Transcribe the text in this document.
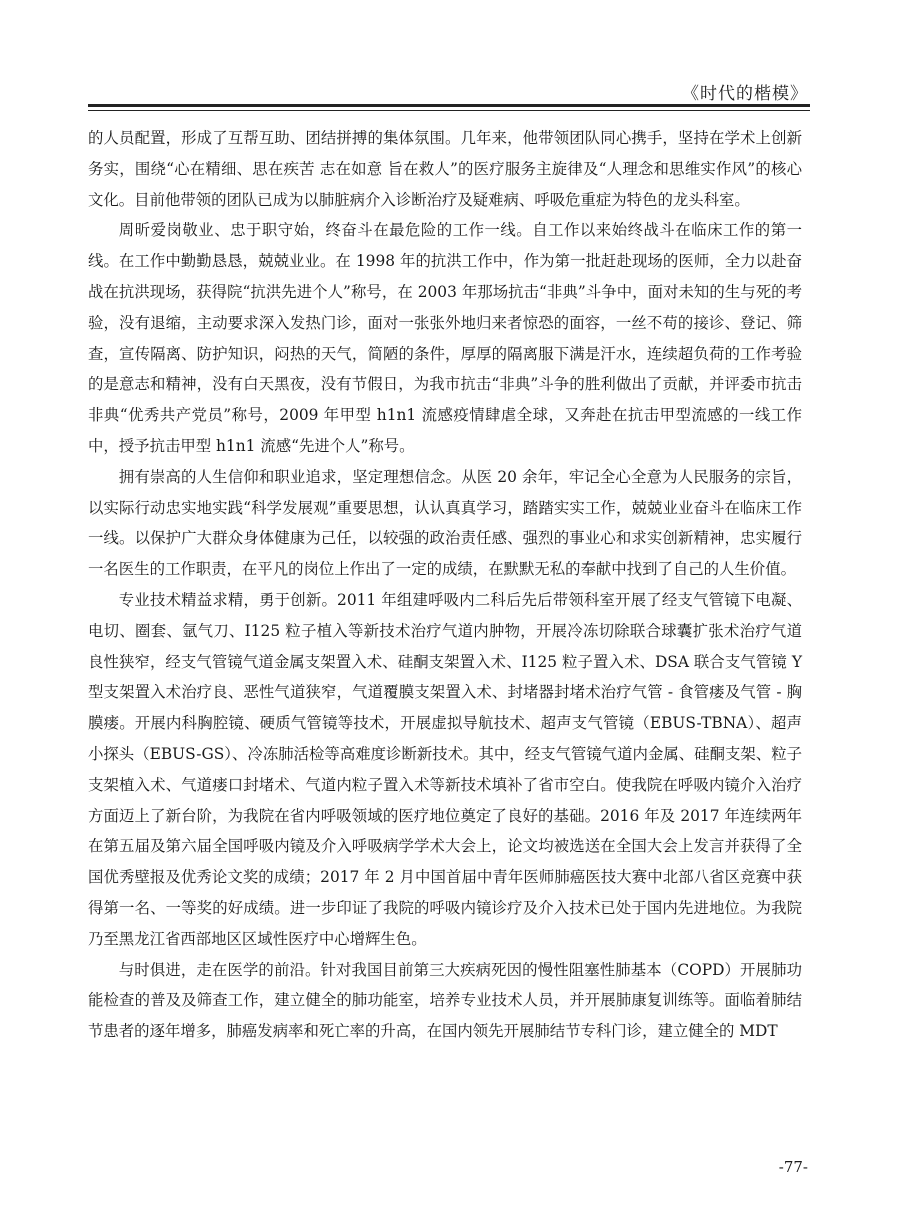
《时代的楷模》

的人员配置，形成了互帮互助、团结拼搏的集体氛围。几年来，他带领团队同心携手，坚持在学术上创新务实，围绕“心在精细、思在疾苦 志在如意 旨在救人”的医疗服务主旋律及“人理念和思维实作风”的核心文化。目前他带领的团队已成为以肺脏病介入诊断治疗及疑难病、呼吸危重症为特色的龙头科室。

周昕爱岗敬业、忠于职守始，终奋斗在最危险的工作一线。自工作以来始终战斗在临床工作的第一线。在工作中勤勤恳恳，兢兢业业。在 1998 年的抗洪工作中，作为第一批赶赴现场的医师，全力以赴奋战在抗洪现场，获得院“抗洪先进个人”称号，在 2003 年那场抗击“非典”斗争中，面对未知的生与死的考验，没有退缩，主动要求深入发热门诊，面对一张张外地归来者惊恐的面容，一丝不苟的接诊、登记、筛查，宣传隔离、防护知识，闷热的天气，简陋的条件，厚厚的隔离服下满是汗水，连续超负荷的工作考验的是意志和精神，没有白天黑夜，没有节假日，为我市抗击“非典”斗争的胜利做出了贡献，并评委市抗击非典“优秀共产党员”称号，2009 年甲型 h1n1 流感疫情肆虐全球，又奔赴在抗击甲型流感的一线工作中，授予抗击甲型 h1n1 流感“先进个人”称号。

拥有崇高的人生信仰和职业追求，坚定理想信念。从医 20 余年，牢记全心全意为人民服务的宗旨，以实际行动忠实地实践“科学发展观”重要思想，认认真真学习，踏踏实实工作，兢兢业业奋斗在临床工作一线。以保护广大群众身体健康为己任，以较强的政治责任感、强烈的事业心和求实创新精神，忠实履行一名医生的工作职责，在平凡的岗位上作出了一定的成绩，在默默无私的奉献中找到了自己的人生价值。

专业技术精益求精，勇于创新。2011 年组建呼吸内二科后先后带领科室开展了经支气管镜下电凝、电切、圈套、氩气刀、I125 粒子植入等新技术治疗气道内肿物，开展冷冻切除联合球囊扩张术治疗气道良性狭窄，经支气管镜气道金属支架置入术、硅酮支架置入术、I125 粒子置入术、DSA 联合支气管镜 Y 型支架置入术治疗良、恶性气道狭窄，气道覆膜支架置入术、封堵器封堵术治疗气管 - 食管瘘及气管 - 胸膜瘘。开展内科胸腔镜、硬质气管镜等技术，开展虚拟导航技术、超声支气管镜（EBUS-TBNA）、超声小探头（EBUS-GS）、冷冻肺活检等高难度诊断新技术。其中，经支气管镜气道内金属、硅酮支架、粒子支架植入术、气道瘘口封堵术、气道内粒子置入术等新技术填补了省市空白。使我院在呼吸内镜介入治疗方面迈上了新台阶，为我院在省内呼吸领域的医疗地位奠定了良好的基础。2016 年及 2017 年连续两年在第五届及第六届全国呼吸内镜及介入呼吸病学学术大会上，论文均被选送在全国大会上发言并获得了全国优秀壁报及优秀论文奖的成绩；2017 年 2 月中国首届中青年医师肺癌医技大赛中北部八省区竞赛中获得第一名、一等奖的好成绩。进一步印证了我院的呼吸内镜诊疗及介入技术已处于国内先进地位。为我院乃至黑龙江省西部地区区域性医疗中心增辉生色。

与时俱进，走在医学的前沿。针对我国目前第三大疾病死因的慢性阻塞性肺基本（COPD）开展肺功能检查的普及及筛查工作，建立健全的肺功能室，培养专业技术人员，并开展肺康复训练等。面临着肺结节患者的逐年增多，肺癌发病率和死亡率的升高，在国内领先开展肺结节专科门诊，建立健全的 MDT

-77-
